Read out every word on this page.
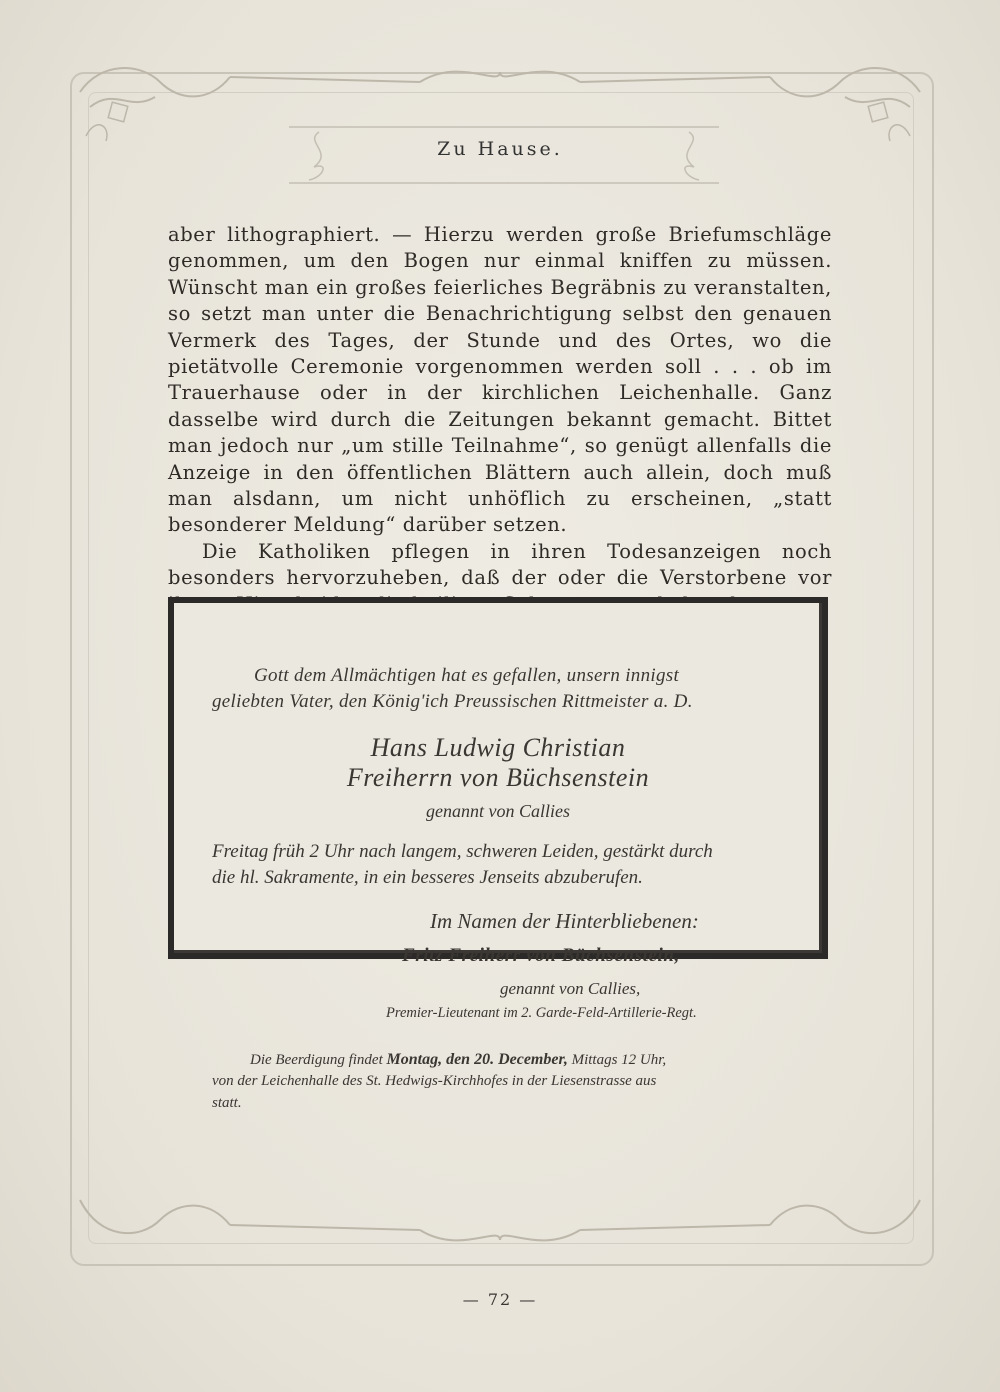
Zu Hause.

aber lithographiert. — Hierzu werden große Briefumschläge genommen, um den Bogen nur einmal kniffen zu müssen. Wünscht man ein großes feierliches Begräbnis zu veranstalten, so setzt man unter die Benachrichtigung selbst den genauen Vermerk des Tages, der Stunde und des Ortes, wo die pietätvolle Ceremonie vorgenommen werden soll . . . ob im Trauerhause oder in der kirchlichen Leichenhalle. Ganz dasselbe wird durch die Zeitungen bekannt gemacht. Bittet man jedoch nur „um stille Teilnahme“, so genügt allenfalls die Anzeige in den öffentlichen Blättern auch allein, doch muß man alsdann, um nicht unhöflich zu erscheinen, „statt besonderer Meldung“ darüber setzen.

Die Katholiken pflegen in ihren Todesanzeigen noch besonders hervorzuheben, daß der oder die Verstorbene vor

Gott dem Allmächtigen hat es gefallen, unsern innigst
geliebten Vater, den König'ich Preussischen Rittmeister a. D.
Hans Ludwig Christian
Freiherrn von Büchsenstein
genannt von Callies
Freitag früh 2 Uhr nach langem, schweren Leiden, gestärkt durch
die hl. Sakramente, in ein besseres Jenseits abzuberufen.
Im Namen der Hinterbliebenen:
Fritz Freiherr von Büchsenstein,
genannt von Callies,
Premier-Lieutenant im 2. Garde-Feld-Artillerie-Regt.
Die Beerdigung findet Montag, den 20. December, Mittags 12 Uhr,
von der Leichenhalle des St. Hedwigs-Kirchhofes in der Liesenstrasse aus
statt.
— 72 —
